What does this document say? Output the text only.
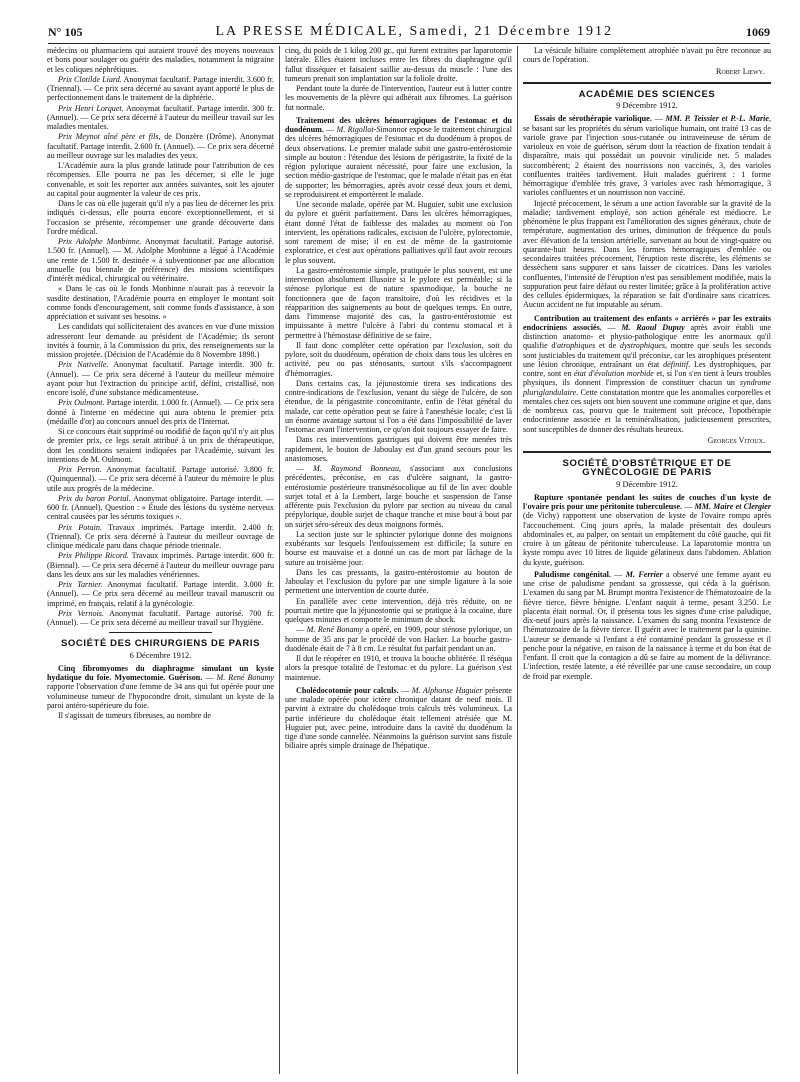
N° 105	LA PRESSE MÉDICALE, Samedi, 21 Décembre 1912	1069

médecins ou pharmaciens qui auraient trouvé des moyens nouveaux et bons pour soulager ou guérir des maladies, notamment la migraine et les coliques néphrétiques.

Prix Clotilde Liard. Anonymat facultatif. Partage interdit. 3.600 fr. (Triennal). — Ce prix sera décerné au savant ayant apporté le plus de perfectionnement dans le traitement de la diphtérie.

Prix Henri Lorquet. Anonymat facultatif. Partage interdit. 300 fr. (Annuel). — Ce prix sera décerné à l'auteur du meilleur travail sur les maladies mentales.

Prix Meynot aîné père et fils, de Donzère (Drôme). Anonymat facultatif. Partage interdit. 2.600 fr. (Annuel). — Ce prix sera décerné au meilleur ouvrage sur les maladies des yeux.

L'Académie aura la plus grande latitude pour l'attribution de ces récompenses. Elle pourra ne pas les décerner, si elle le juge convenable, et soit les reporter aux années suivantes, soit les ajouter au capital pour augmenter la valeur de ces prix.

Dans le cas où elle jugerait qu'il n'y a pas lieu de décerner les prix indiqués ci-dessus, elle pourra encore exceptionnellement, et si l'occasion se présente, récompenser une grande découverte dans l'ordre médical.

Prix Adolphe Monbinne. Anonymat facultatif. Partage autorisé. 1.500 fr. (Annuel). — M. Adolphe Monbinne a légué à l'Académie une rente de 1.500 fr. destinée « à subventionner par une allocation annuelle (ou biennale de préférence) des missions scientifiques d'intérêt médical, chirurgical ou vétérinaire.

« Dans le cas où le fonds Monbinne n'aurait pas à recevoir la susdite destination, l'Académie pourra en employer le montant soit comme fonds d'encouragement, soit comme fonds d'assistance, à son appréciation et suivant ses besoins. »

Les candidats qui solliciteraient des avances en vue d'une mission adresseront leur demande au président de l'Académie; ils seront invités à fournir, à la Commission du prix, des renseignements sur la mission projetée. (Décision de l'Académie du 8 Novembre 1898.)

Prix Nativelle. Anonymat facultatif. Partage interdit. 300 fr. (Annuel). — Ce prix sera décerné à l'auteur du meilleur mémoire ayant pour but l'extraction du principe actif, défini, cristallisé, non encore isolé, d'une substance médicamenteuse.

Prix Oulmont. Partage interdit. 1.000 fr. (Annuel). — Ce prix sera donné à l'interne en médecine qui aura obtenu le premier prix (médaille d'or) au concours annuel des prix de l'Internat.

Si ce concours était supprimé ou modifié de façon qu'il n'y ait plus de premier prix, ce legs serait attribué à un prix de thérapeutique, dont les conditions seraient indiquées par l'Académie, suivant les intentions de M. Oulmont.

Prix Perron. Anonymat facultatif. Partage autorisé. 3.800 fr. (Quinquennal). — Ce prix sera décerné à l'auteur du mémoire le plus utile aux progrès de la médecine.

Prix du baron Portal. Anonymat obligatoire. Partage interdit. — 600 fr. (Annuel). Question : « Étude des lésions du système nerveux central causées par les sérums toxiques ».

Prix Potain. Travaux imprimés. Partage interdit. 2.400 fr. (Triennal). Ce prix sera décerné à l'auteur du meilleur ouvrage de clinique médicale paru dans chaque période triennale.

Prix Philippe Ricord. Travaux imprimés. Partage interdit. 600 fr. (Biennal). — Ce prix sera décerné à l'auteur du meilleur ouvrage paru dans les deux ans sur les maladies vénériennes.

Prix Tarnier. Anonymat facultatif. Partage interdit. 3.000 fr. (Annuel). — Ce prix sera décerné au meilleur travail manuscrit ou imprimé, en français, relatif à la gynécologie.

Prix Vernois. Anonymat facultatif. Partage autorisé. 700 fr. (Annuel). — Ce prix sera décerné au meilleur travail sur l'hygiène.

SOCIÉTÉ DES CHIRURGIENS DE PARIS
6 Décembre 1912.

Cinq fibromyomes du diaphragme simulant un kyste hydatique du foie. Myomectomie. Guérison. — M. René Bonamy rapporte l'observation d'une femme de 34 ans qui fut opérée pour une volumineuse tumeur de l'hypocondre droit, simulant un kyste de la paroi antéro-supérieure du foie.

Il s'agissait de tumeurs fibreuses, au nombre de

cinq, du poids de 1 kilog 200 gr., qui furent extraites par laparotomie latérale. Elles étaient incluses entre les fibres du diaphragme qu'il fallut disséquer et faisaient saillie au-dessus du muscle : l'une des tumeurs prenait son implantation sur la foliole droite.

Pendant toute la durée de l'intervention, l'auteur eut à lutter contre les mouvements de la plèvre qui adhérait aux fibromes. La guérison fut normale.

Traitement des ulcères hémorragiques de l'estomac et du duodénum. — M. Rigollot-Simonnot expose le traitement chirurgical des ulcères hémorragiques de l'estomac et du duodénum à propos de deux observations. Le premier malade subit une gastro-entérostomie simple au bouton : l'étendue des lésions de périgastrite, la fixité de la région pylorique auraient nécessité, pour faire une exclusion, la section médio-gastrique de l'estomac, que le malade n'était pas en état de supporter; les hémorragies, après avoir cessé deux jours et demi, se reproduisirent et emportèrent le malade.

Une seconde malade, opérée par M. Huguier, subit une exclusion du pylore et guérit parfaitement. Dans les ulcères hémorragiques, étant donné l'état de faiblesse des malades au moment où l'on intervient, les opérations radicales, excision de l'ulcère, pylorectomie, sont rarement de mise; il en est de même de la gastrotomie exploratrice, et c'est aux opérations palliatives qu'il faut avoir recours le plus souvent.

La gastro-entérostomie simple, pratiquée le plus souvent, est une intervention absolument illusoire si le pylore est perméable; si la sténose pylorique est de nature spasmodique, la bouche ne fonctionnera que de façon transitoire, d'où les récidives et la réapparition des saignements au bout de quelques temps. En outre, dans l'immense majorité des cas, la gastro-entérostomie est impuissante à mettre l'ulcère à l'abri du contenu stomacal et à permettre à l'hémostase définitive de se faire.

Il faut donc compléter cette opération par l'exclusion, soit du pylore, soit du duodénum, opération de choix dans tous les ulcères en activité, peu ou pas sténosants, surtout s'ils s'accompagnent d'hémorragies.

Dans certains cas, la jéjunostomie tirera ses indications des contre-indications de l'exclusion, venant du siège de l'ulcère, de son étendue, de la périgastrite concomitante, enfin de l'état général du malade, car cette opération peut se faire à l'anesthésie locale; c'est là un énorme avantage surtout si l'on a été dans l'impossibilité de laver l'estomac avant l'intervention, ce qu'on doit toujours essayer de faire.

Dans ces interventions gastriques qui doivent être menées très rapidement, le bouton de Jaboulay est d'un grand secours pour les anastomoses.

— M. Raymond Bonneau, s'associant aux conclusions précédentes, préconise, en cas d'ulcère saignant, la gastro-entérostomie postérieure transmésocolique au fil de lin avec double surjet total et à la Lembert, large bouche et suspension de l'anse afférente puis l'exclusion du pylore par section au niveau du canal prépylorique, double surjet de chaque tranche et mise bout à bout par un surjet séro-séreux des deux moignons formés.

La section juste sur le sphincter pylorique donne des moignons exubérants sur lesquels l'enfouissement est difficile; la suture en bourse est mauvaise et a donné un cas de mort par lâchage de la suture au troisième jour.

Dans les cas pressants, la gastro-entérostomie au bouton de Jaboulay et l'exclusion du pylore par une simple ligature à la soie permettent une intervention de courte durée.

En parallèle avec cette intervention, déjà très réduite, on ne pourrait mettre que la jéjunostomie qui se pratique à la cocaïne, dure quelques minutes et comporte le minimum de shock.

— M. René Bonamy a opéré, en 1909, pour sténose pylorique, un homme de 35 ans par le procédé de von Hacker. La bouche gastro-duodénale était de 7 à 8 cm. Le résultat fut parfait pendant un an.

Il dut le réopérer en 1910, et trouva la bouche oblitérée. Il réséqua alors la presque totalité de l'estomac et du pylore. La guérison s'est maintenue.

Cholédocotomie pour calculs. — M. Alphonse Huguier présente une malade opérée pour ictère chronique datant de neuf mois. Il parvint à extraire du cholédoque trois calculs très volumineux. La partie inférieure du cholédoque était tellement atrésiée que M. Huguier put, avec peine, introduire dans la cavité du duodénum la tige d'une sonde cannelée. Néanmoins la guérison survint sans fistule biliaire après simple drainage de l'hépatique.

La vésicule biliaire complètement atrophiée n'avait pu être reconnue au cours de l'opération.

Robert Lœwy.
ACADÉMIE DES SCIENCES
9 Décembre 1912.

Essais de sérothérapie variolique. — MM. P. Teissier et P.-L. Marie, se basant sur les propriétés du sérum variolique humain, ont traité 13 cas de variole grave par l'injection sous-cutanée ou intraveineuse de sérum de varioleux en voie de guérison, sérum dont la réaction de fixation tendait à disparaître, mais qui possédait un pouvoir virulicide net. 5 malades succombèrent; 2 étaient des nourrissons non vaccinés, 3, des varioles confluentes traitées tardivement. Huit malades guérirent : 1 forme hémorragique d'emblée très grave, 3 varioles avec rash hémorragique, 3 varioles confluentes et un nourrisson non vacciné.

Injecté précocement, le sérum a une action favorable sur la gravité de la maladie; tardivement employé, son action générale est médiocre. Le phénomène le plus frappant est l'amélioration des signes généraux, chute de température, augmentation des urines, diminution de fréquence du pouls avec élévation de la tension artérielle, survenant au bout de vingt-quatre ou quarante-huit heures. Dans les formes hémorragiques d'emblée ou secondaires traitées précocement, l'éruption reste discrète, les éléments se dessèchent sans suppurer et sans laisser de cicatrices. Dans les varioles confluentes, l'intensité de l'éruption n'est pas sensiblement modifiée, mais la suppuration peut faire défaut ou rester limitée; grâce à la prolifération active des cellules épidermiques, la réparation se fait d'ordinaire sans cicatrices. Aucun accident ne fut imputable au sérum.

Contribution au traitement des enfants « arriérés » par les extraits endocriniens associés. — M. Raoul Dupuy après avoir établi une distinction anatomo- et physio-pathologique entre les anormaux qu'il qualifie d'atrophiques et de dystrophiques, montre que seuls les seconds sont justiciables du traitement qu'il préconise, car les atrophiques présentent une lésion chronique, entraînant un état définitif. Les dystrophiques, par contre, sont en état d'évolution morbide et, si l'on s'en tient à leurs troubles physiques, ils donnent l'impression de constituer chacun un syndrome pluriglandulaire. Cette constatation montre que les anomalies corporelles et mentales chez ces sujets ont bien souvent une commune origine et que, dans de nombreux cas, pourvu que le traitement soit précoce, l'opothérapie endocrinienne associée et la reminéralisation, judicieusement prescrites, sont susceptibles de donner des résultats heureux.

Georges Vitoux.
SOCIÉTÉ D'OBSTÉTRIQUE ET DE GYNÉCOLOGIE DE PARIS
9 Décembre 1912.

Rupture spontanée pendant les suites de couches d'un kyste de l'ovaire pris pour une péritonite tuberculeuse. — MM. Maire et Clergier (de Vichy) rapportent une observation de kyste de l'ovaire rompu après l'accouchement. Cinq jours après, la malade présentait des douleurs abdominales et, au palper, on sentait un empâtement du côté gauche, qui fit croire à un gâteau de péritonite tuberculeuse. La laparotomie montra un kyste rompu avec 10 litres de liquide gélatineux dans l'abdomen. Ablation du kyste, guérison.

Paludisme congénital. — M. Ferrier a observé une femme ayant eu une crise de paludisme pendant sa grossesse, qui céda à la guérison. L'examen du sang par M. Brumpt montra l'existence de l'hématozoaire de la fièvre tierce, fièvre bénigne. L'enfant naquit à terme, pesant 3.250. Le placenta était normal. Or, il présenta tous les signes d'une crise paludique, dix-neuf jours après la naissance. L'examen du sang montra l'existence de l'hématozoaire de la fièvre tierce. Il guérit avec le traitement par la quinine. L'auteur se demande si l'enfant a été contaminé pendant la grossesse et il penche pour la négative, en raison de la naissance à terme et du bon état de l'enfant. Il croit que la contagion a dû se faire au moment de la délivrance. L'infection, restée latente, a été réveillée par une cause secondaire, un coup de froid par exemple.
